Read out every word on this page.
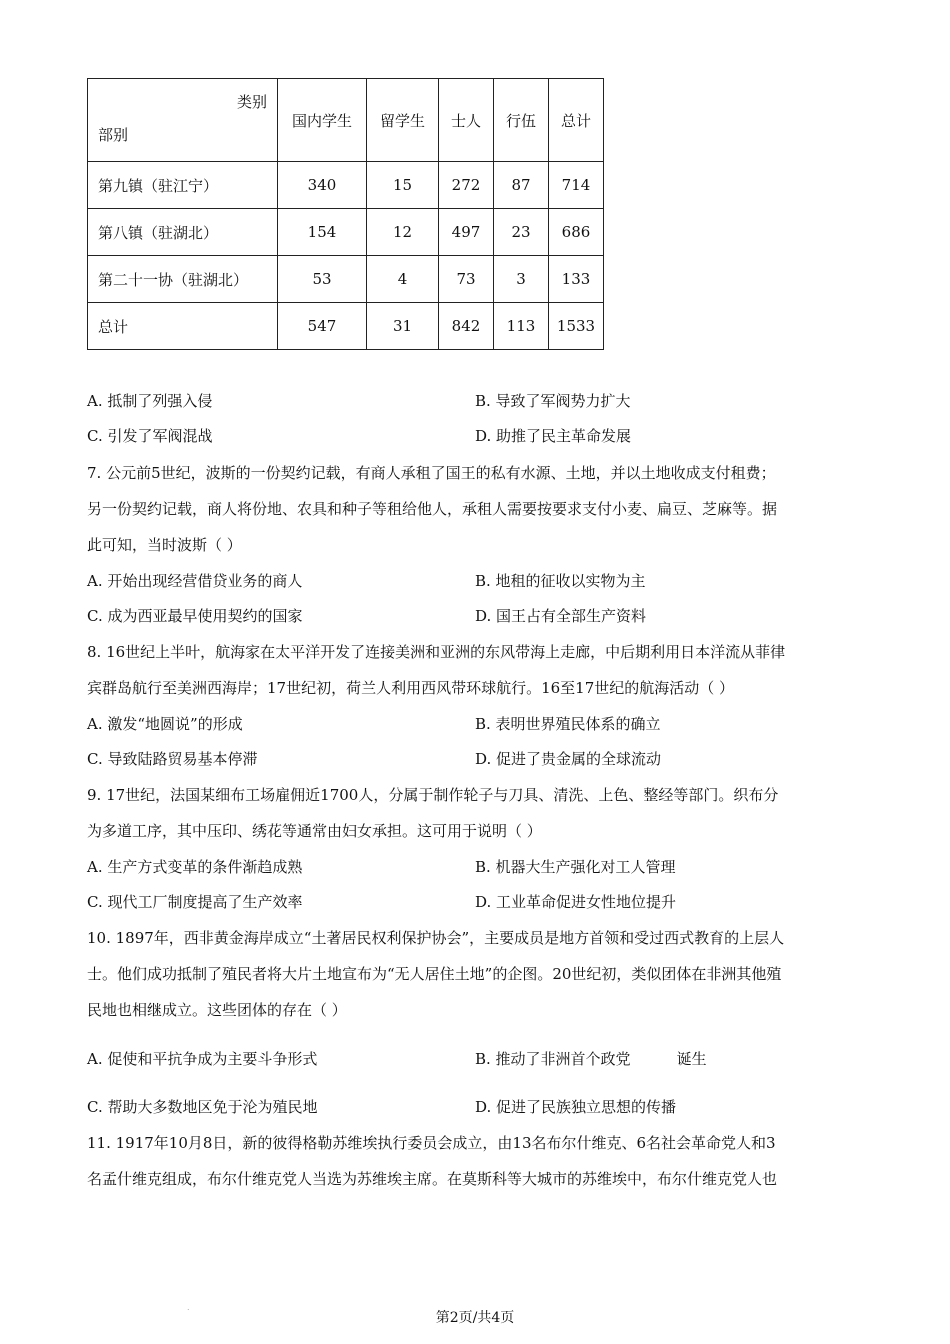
类别
部别	国内学生	留学生	士人	行伍	总计
第九镇（驻江宁）	340	15	272	87	714
第八镇（驻湖北）	154	12	497	23	686
第二十一协（驻湖北）	53	4	73	3	133
总计	547	31	842	113	1533
A. 抵制了列强入侵	B. 导致了军阀势力扩大
C. 引发了军阀混战	D. 助推了民主革命发展
7. 公元前5世纪，波斯的一份契约记载，有商人承租了国王的私有水源、土地，并以土地收成支付租费；
另一份契约记载，商人将份地、农具和种子等租给他人，承租人需要按要求支付小麦、扁豆、芝麻等。据
此可知，当时波斯（ ）
A. 开始出现经营借贷业务的商人	B. 地租的征收以实物为主
C. 成为西亚最早使用契约的国家	D. 国王占有全部生产资料
8. 16世纪上半叶，航海家在太平洋开发了连接美洲和亚洲的东风带海上走廊，中后期利用日本洋流从菲律
宾群岛航行至美洲西海岸；17世纪初，荷兰人利用西风带环球航行。16至17世纪的航海活动（ ）
A. 激发“地圆说”的形成	B. 表明世界殖民体系的确立
C. 导致陆路贸易基本停滞	D. 促进了贵金属的全球流动
9. 17世纪，法国某细布工场雇佣近1700人，分属于制作轮子与刀具、清洗、上色、整经等部门。织布分
为多道工序，其中压印、绣花等通常由妇女承担。这可用于说明（ ）
A. 生产方式变革的条件渐趋成熟	B. 机器大生产强化对工人管理
C. 现代工厂制度提高了生产效率	D. 工业革命促进女性地位提升
10. 1897年，西非黄金海岸成立“土著居民权利保护协会”，主要成员是地方首领和受过西式教育的上层人
士。他们成功抵制了殖民者将大片土地宣布为“无人居住土地”的企图。20世纪初，类似团体在非洲其他殖
民地也相继成立。这些团体的存在（ ）
A. 促使和平抗争成为主要斗争形式	B. 推动了非洲首个政党	诞生
C. 帮助大多数地区免于沦为殖民地	D. 促进了民族独立思想的传播
11. 1917年10月8日，新的彼得格勒苏维埃执行委员会成立，由13名布尔什维克、6名社会革命党人和3
名孟什维克组成，布尔什维克党人当选为苏维埃主席。在莫斯科等大城市的苏维埃中，布尔什维克党人也
.
第2页/共4页
